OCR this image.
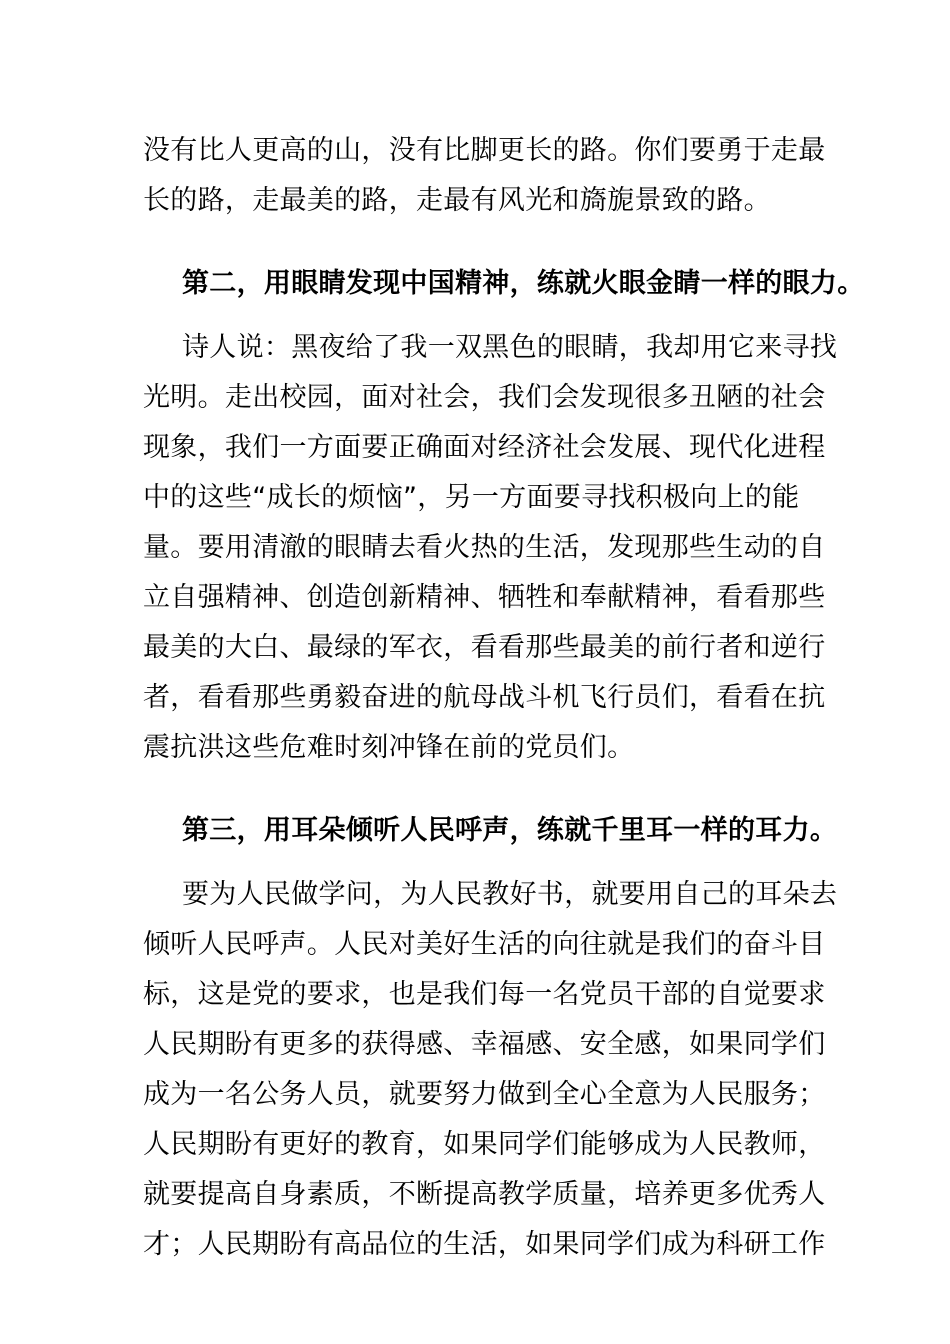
没有比人更高的山，没有比脚更长的路。你们要勇于走最
长的路，走最美的路，走最有风光和旖旎景致的路。
第二，用眼睛发现中国精神，练就火眼金睛一样的眼力。
诗人说：黑夜给了我一双黑色的眼睛，我却用它来寻找
光明。走出校园，面对社会，我们会发现很多丑陋的社会
现象，我们一方面要正确面对经济社会发展、现代化进程
中的这些“成长的烦恼”，另一方面要寻找积极向上的能
量。要用清澈的眼睛去看火热的生活，发现那些生动的自
立自强精神、创造创新精神、牺牲和奉献精神，看看那些
最美的大白、最绿的军衣，看看那些最美的前行者和逆行
者，看看那些勇毅奋进的航母战斗机飞行员们，看看在抗
震抗洪这些危难时刻冲锋在前的党员们。
第三，用耳朵倾听人民呼声，练就千里耳一样的耳力。
要为人民做学问，为人民教好书，就要用自己的耳朵去
倾听人民呼声。人民对美好生活的向往就是我们的奋斗目
标，这是党的要求，也是我们每一名党员干部的自觉要求
人民期盼有更多的获得感、幸福感、安全感，如果同学们
成为一名公务人员，就要努力做到全心全意为人民服务；
人民期盼有更好的教育，如果同学们能够成为人民教师，
就要提高自身素质，不断提高教学质量，培养更多优秀人
才；人民期盼有高品位的生活，如果同学们成为科研工作
